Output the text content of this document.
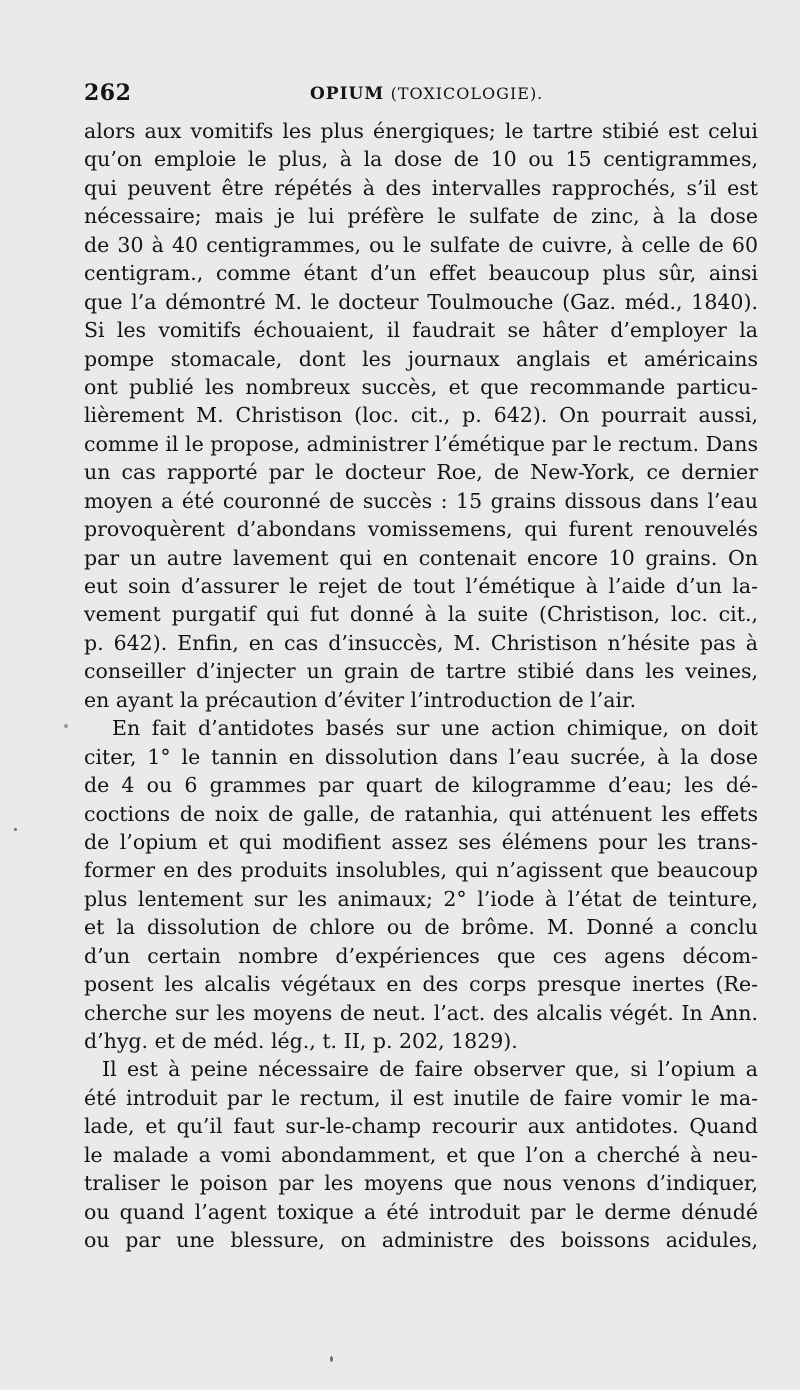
262	OPIUM (TOXICOLOGIE).
alors aux vomitifs les plus énergiques; le tartre stibié est celui
qu’on emploie le plus, à la dose de 10 ou 15 centigrammes,
qui peuvent être répétés à des intervalles rapprochés, s’il est
nécessaire; mais je lui préfère le sulfate de zinc, à la dose
de 30 à 40 centigrammes, ou le sulfate de cuivre, à celle de 60
centigram., comme étant d’un effet beaucoup plus sûr, ainsi
que l’a démontré M. le docteur Toulmouche (Gaz. méd., 1840).
Si les vomitifs échouaient, il faudrait se hâter d’employer la
pompe stomacale, dont les journaux anglais et américains
ont publié les nombreux succès, et que recommande particu-
lièrement M. Christison (loc. cit., p. 642). On pourrait aussi,
comme il le propose, administrer l’émétique par le rectum. Dans
un cas rapporté par le docteur Roe, de New-York, ce dernier
moyen a été couronné de succès : 15 grains dissous dans l’eau
provoquèrent d’abondans vomissemens, qui furent renouvelés
par un autre lavement qui en contenait encore 10 grains. On
eut soin d’assurer le rejet de tout l’émétique à l’aide d’un la-
vement purgatif qui fut donné à la suite (Christison, loc. cit.,
p. 642). Enfin, en cas d’insuccès, M. Christison n’hésite pas à
conseiller d’injecter un grain de tartre stibié dans les veines,
en ayant la précaution d’éviter l’introduction de l’air.
En fait d’antidotes basés sur une action chimique, on doit
citer, 1° le tannin en dissolution dans l’eau sucrée, à la dose
de 4 ou 6 grammes par quart de kilogramme d’eau; les dé-
coctions de noix de galle, de ratanhia, qui atténuent les effets
de l’opium et qui modifient assez ses élémens pour les trans-
former en des produits insolubles, qui n’agissent que beaucoup
plus lentement sur les animaux; 2° l’iode à l’état de teinture,
et la dissolution de chlore ou de brôme. M. Donné a conclu
d’un certain nombre d’expériences que ces agens décom-
posent les alcalis végétaux en des corps presque inertes (Re-
cherche sur les moyens de neut. l’act. des alcalis végét. In Ann.
d’hyg. et de méd. lég., t. II, p. 202, 1829).
Il est à peine nécessaire de faire observer que, si l’opium a
été introduit par le rectum, il est inutile de faire vomir le ma-
lade, et qu’il faut sur-le-champ recourir aux antidotes. Quand
le malade a vomi abondamment, et que l’on a cherché à neu-
traliser le poison par les moyens que nous venons d’indiquer,
ou quand l’agent toxique a été introduit par le derme dénudé
ou par une blessure, on administre des boissons acidules,
